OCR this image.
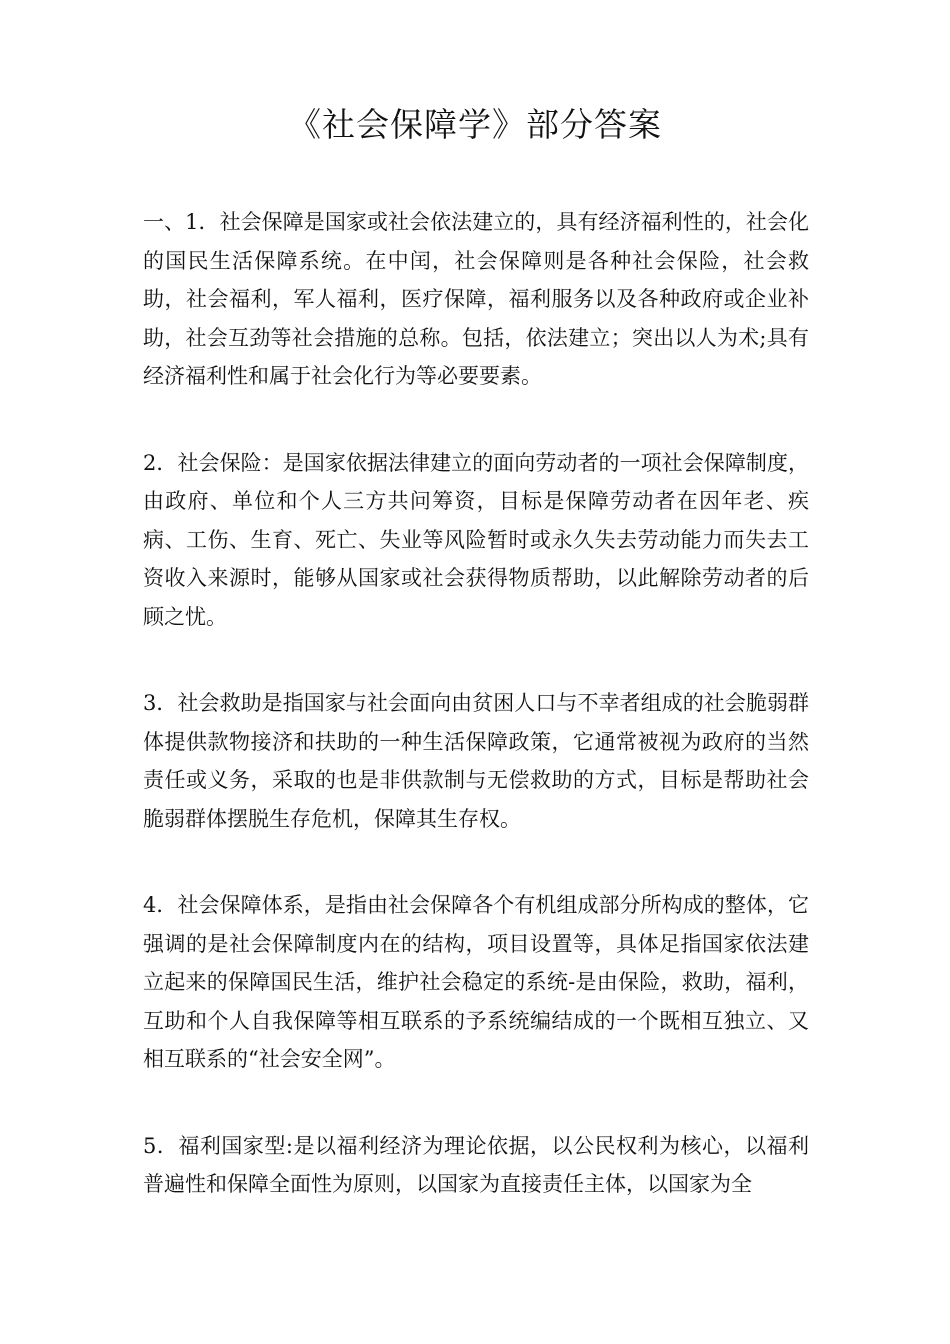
《社会保障学》部分答案

一、1．社会保障是国家或社会依法建立的，具有经济福利性的，社会化的国民生活保障系统。在中闰，社会保障则是各种社会保险，社会救助，社会福利，军人福利，医疗保障，福利服务以及各种政府或企业补助，社会互劲等社会措施的总称。包括，依法建立；突出以人为术;具有经济福利性和属于社会化行为等必要要素。

2．社会保险：是国家依据法律建立的面向劳动者的一项社会保障制度，由政府、单位和个人三方共问筹资，目标是保障劳动者在因年老、疾病、工伤、生育、死亡、失业等风险暂时或永久失去劳动能力而失去工资收入来源时，能够从国家或社会获得物质帮助，以此解除劳动者的后顾之忧。

3．社会救助是指国家与社会面向由贫困人口与不幸者组成的社会脆弱群体提供款物接济和扶助的一种生活保障政策，它通常被视为政府的当然责任或义务，采取的也是非供款制与无偿救助的方式，目标是帮助社会脆弱群体摆脱生存危机，保障其生存权。

4．社会保障体系，是指由社会保障各个有机组成部分所构成的整体，它强调的是社会保障制度内在的结构，项目设置等，具体足指国家依法建立起来的保障国民生活，维护社会稳定的系统-是由保险，救助，福利，互助和个人自我保障等相互联系的予系统编结成的一个既相互独立、又相互联系的“社会安全网”。

5．福利国家型:是以福利经济为理论依据，以公民权利为核心，以福利普遍性和保障全面性为原则，以国家为直接责任主体，以国家为全
